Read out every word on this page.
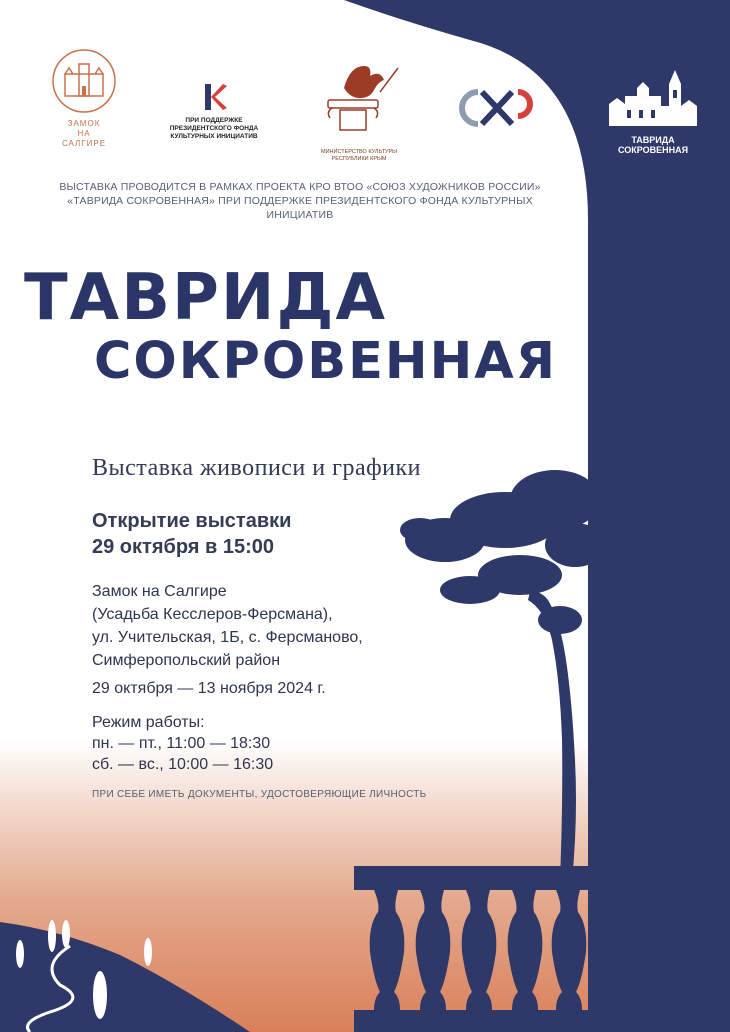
ЗАМОК
НА
САЛГИРЕ
ПРИ ПОДДЕРЖКЕ
ПРЕЗИДЕНТСКОГО ФОНДА
КУЛЬТУРНЫХ ИНИЦИАТИВ
МИНИСТЕРСТВО КУЛЬТУРЫ
РЕСПУБЛИКИ КРЫМ
ТАВРИДА
СОКРОВЕННАЯ
ВЫСТАВКА ПРОВОДИТСЯ В РАМКАХ ПРОЕКТА КРО ВТОО «СОЮЗ ХУДОЖНИКОВ РОССИИ»
«ТАВРИДА СОКРОВЕННАЯ» ПРИ ПОДДЕРЖКЕ ПРЕЗИДЕНТСКОГО ФОНДА КУЛЬТУРНЫХ
ИНИЦИАТИВ
ТАВРИДА
СОКРОВЕННАЯ
Выставка живописи и графики
Открытие выставки
29 октября в 15:00
Замок на Салгире
(Усадьба Кесслеров-Ферсмана),
ул. Учительская, 1Б, с. Ферсманово,
Симферопольский район
29 октября — 13 ноября 2024 г.
Режим работы:
пн. — пт., 11:00 — 18:30
сб. — вс., 10:00 — 16:30
ПРИ СЕБЕ ИМЕТЬ ДОКУМЕНТЫ, УДОСТОВЕРЯЮЩИЕ ЛИЧНОСТЬ
